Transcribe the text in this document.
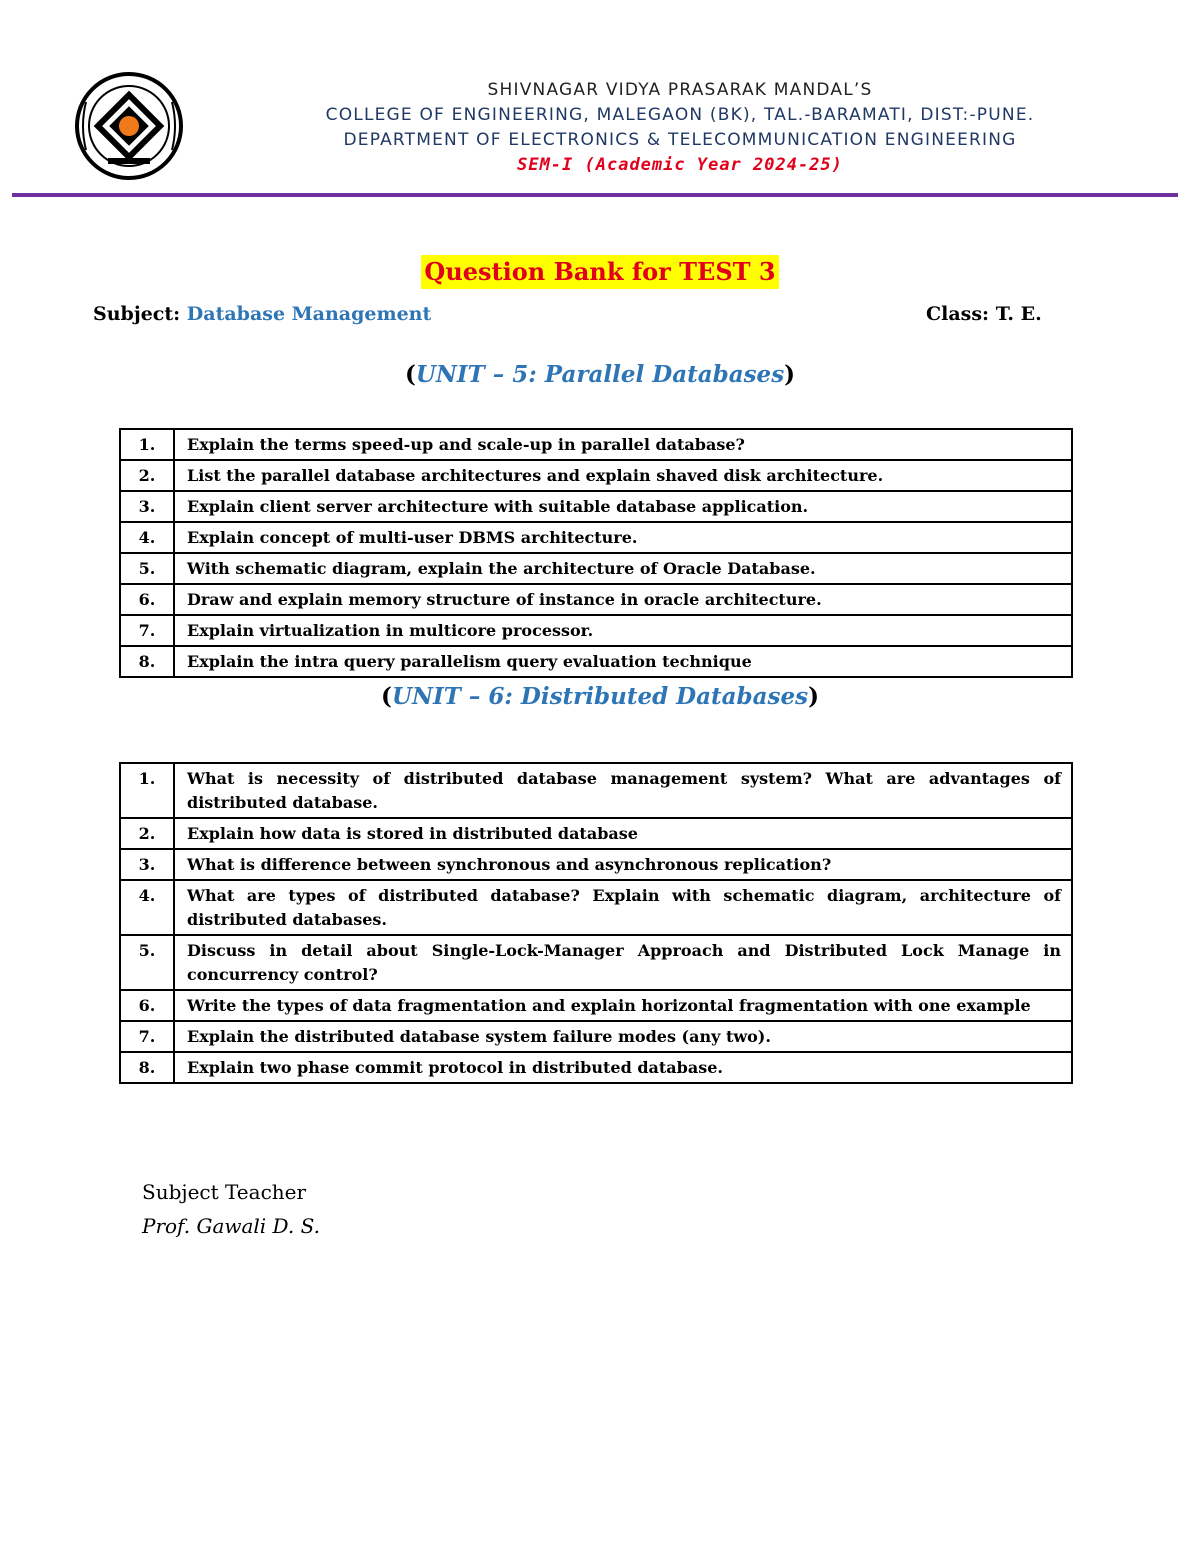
SHIVNAGAR VIDYA PRASARAK MANDAL’S
COLLEGE OF ENGINEERING, MALEGAON (BK), TAL.-BARAMATI, DIST:-PUNE.
DEPARTMENT OF ELECTRONICS & TELECOMMUNICATION ENGINEERING
SEM-I (Academic Year 2024-25)
Question Bank for TEST 3
Subject: Database Management	Class: T. E.
(UNIT – 5: Parallel Databases)
1.	Explain the terms speed-up and scale-up in parallel database?
2.	List the parallel database architectures and explain shaved disk architecture.
3.	Explain client server architecture with suitable database application.
4.	Explain concept of multi-user DBMS architecture.
5.	With schematic diagram, explain the architecture of Oracle Database.
6.	Draw and explain memory structure of instance in oracle architecture.
7.	Explain virtualization in multicore processor.
8.	Explain the intra query parallelism query evaluation technique
(UNIT – 6: Distributed Databases)
1.	What is necessity of distributed database management system? What are advantages of distributed database.
2.	Explain how data is stored in distributed database
3.	What is difference between synchronous and asynchronous replication?
4.	What are types of distributed database? Explain with schematic diagram, architecture of distributed databases.
5.	Discuss in detail about Single-Lock-Manager Approach and Distributed Lock Manage in concurrency control?
6.	Write the types of data fragmentation and explain horizontal fragmentation with one example
7.	Explain the distributed database system failure modes (any two).
8.	Explain two phase commit protocol in distributed database.
Subject Teacher
Prof. Gawali D. S.
